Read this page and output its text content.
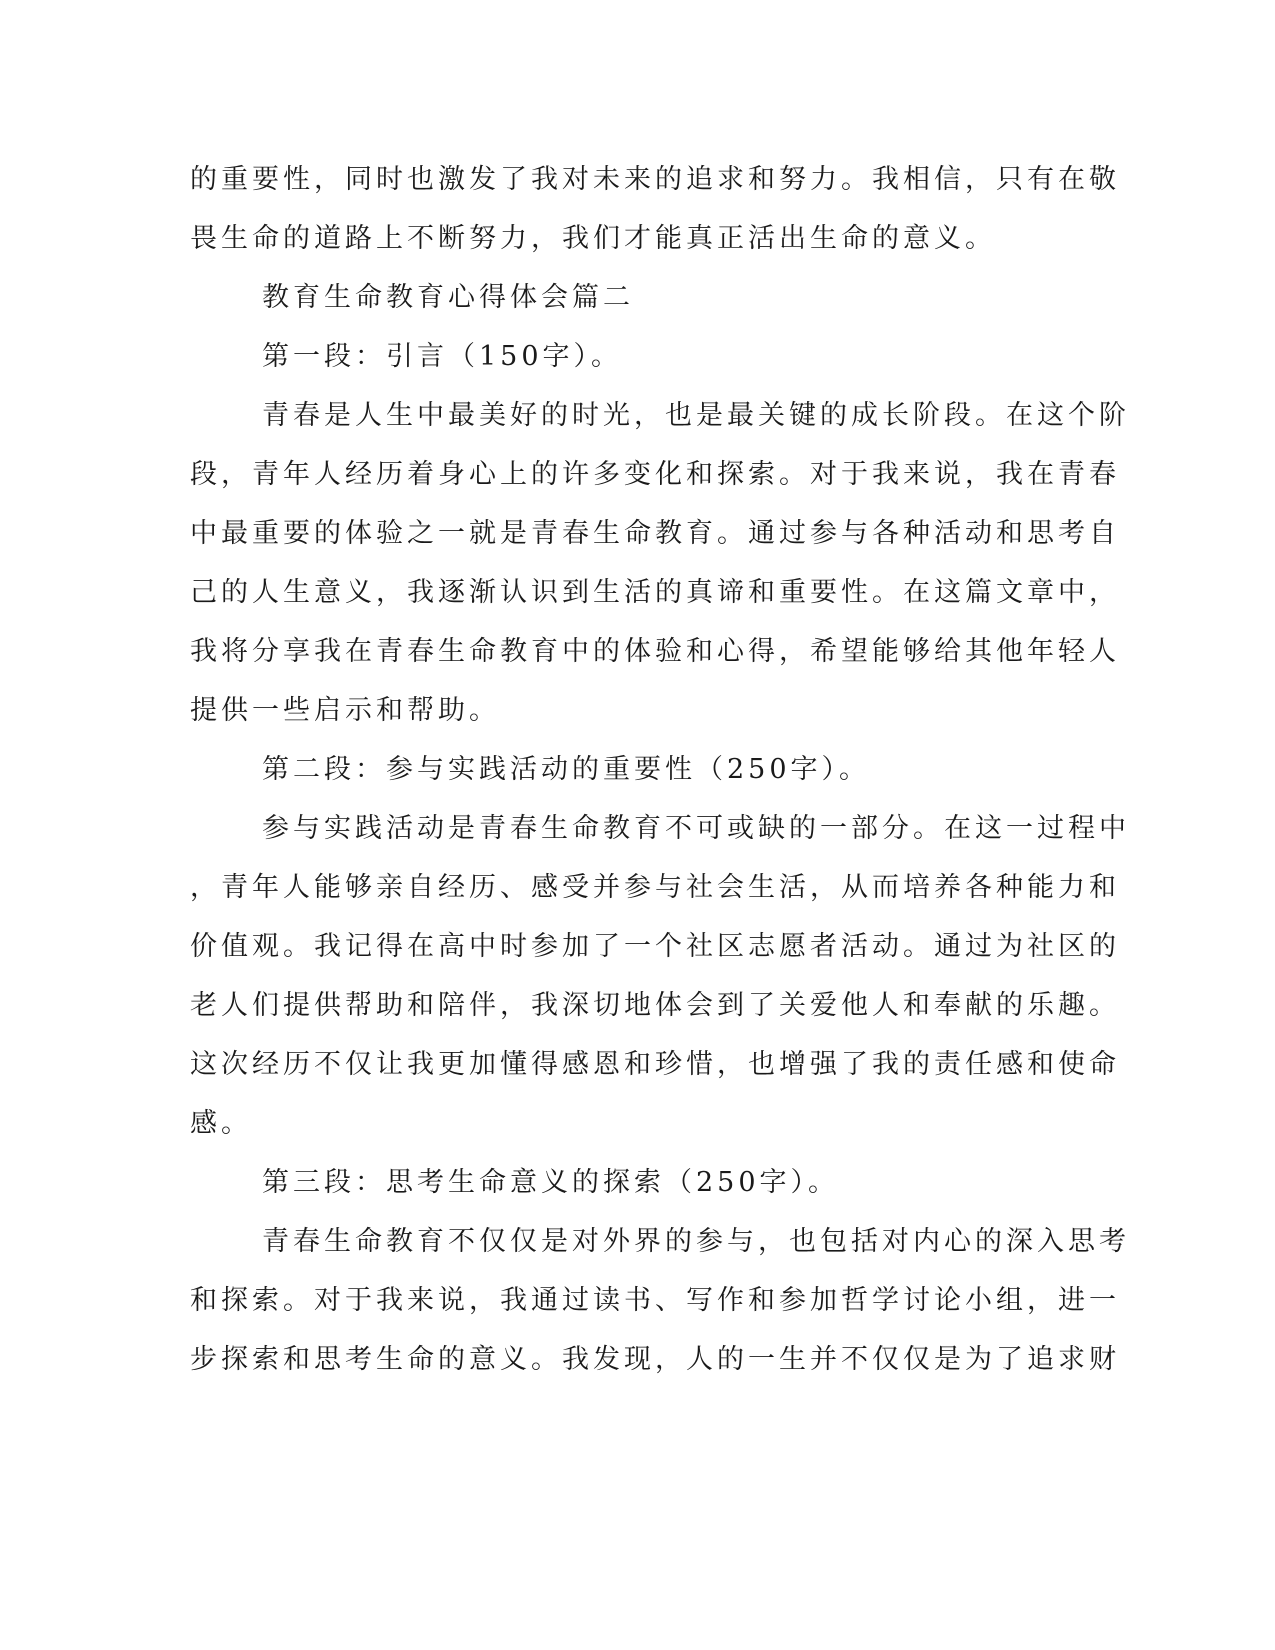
的重要性，同时也激发了我对未来的追求和努力。我相信，只有在敬
畏生命的道路上不断努力，我们才能真正活出生命的意义。
教育生命教育心得体会篇二
第一段：引言（150字）。
青春是人生中最美好的时光，也是最关键的成长阶段。在这个阶
段，青年人经历着身心上的许多变化和探索。对于我来说，我在青春
中最重要的体验之一就是青春生命教育。通过参与各种活动和思考自
己的人生意义，我逐渐认识到生活的真谛和重要性。在这篇文章中，
我将分享我在青春生命教育中的体验和心得，希望能够给其他年轻人
提供一些启示和帮助。
第二段：参与实践活动的重要性（250字）。
参与实践活动是青春生命教育不可或缺的一部分。在这一过程中
，青年人能够亲自经历、感受并参与社会生活，从而培养各种能力和
价值观。我记得在高中时参加了一个社区志愿者活动。通过为社区的
老人们提供帮助和陪伴，我深切地体会到了关爱他人和奉献的乐趣。
这次经历不仅让我更加懂得感恩和珍惜，也增强了我的责任感和使命
感。
第三段：思考生命意义的探索（250字）。
青春生命教育不仅仅是对外界的参与，也包括对内心的深入思考
和探索。对于我来说，我通过读书、写作和参加哲学讨论小组，进一
步探索和思考生命的意义。我发现，人的一生并不仅仅是为了追求财
